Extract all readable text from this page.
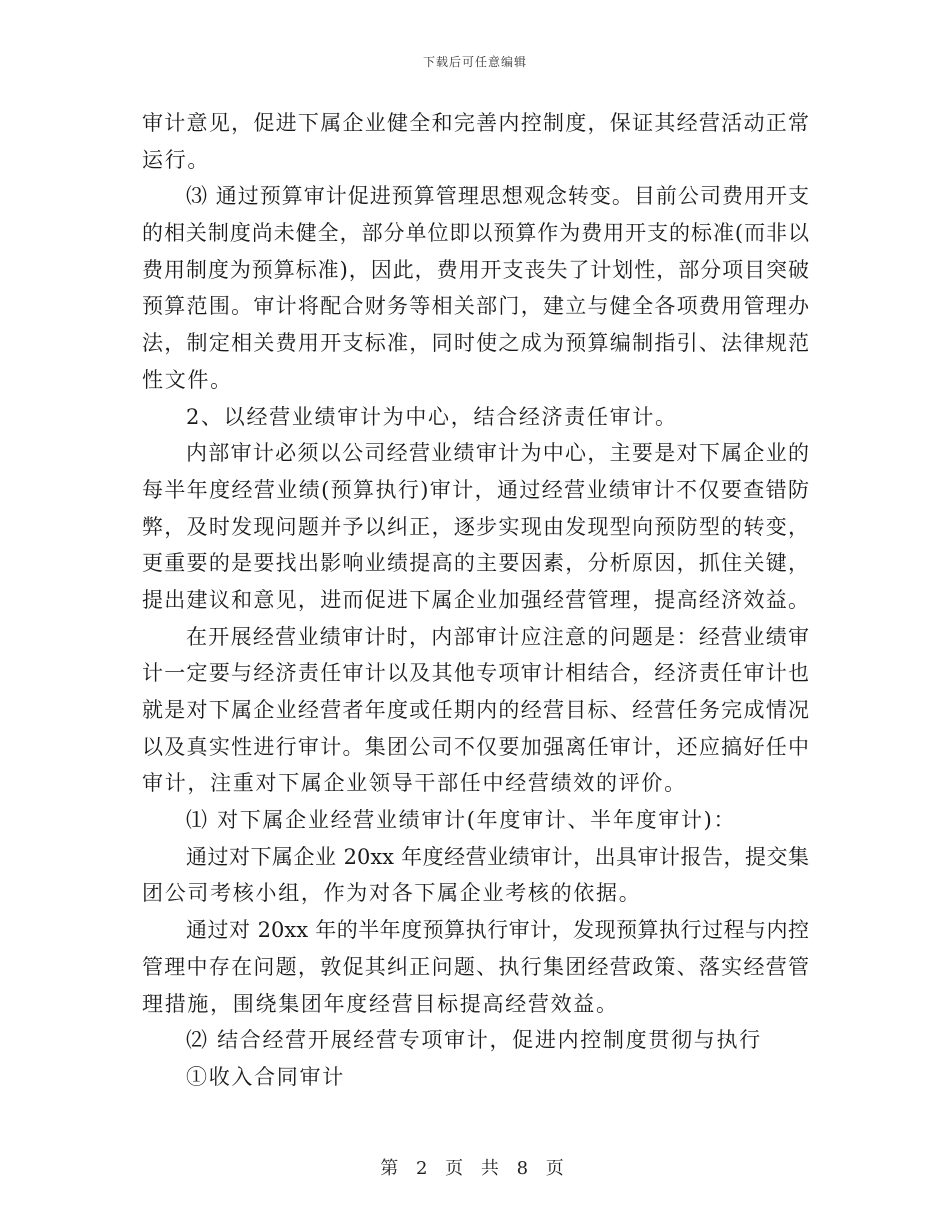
下载后可任意编辑
审计意见，促进下属企业健全和完善内控制度，保证其经营活动正常
运行。
⑶ 通过预算审计促进预算管理思想观念转变。目前公司费用开支
的相关制度尚未健全，部分单位即以预算作为费用开支的标准(而非以
费用制度为预算标准)，因此，费用开支丧失了计划性，部分项目突破
预算范围。审计将配合财务等相关部门，建立与健全各项费用管理办
法，制定相关费用开支标准，同时使之成为预算编制指引、法律规范
性文件。
2、以经营业绩审计为中心，结合经济责任审计。
内部审计必须以公司经营业绩审计为中心，主要是对下属企业的
每半年度经营业绩(预算执行)审计，通过经营业绩审计不仅要查错防
弊，及时发现问题并予以纠正，逐步实现由发现型向预防型的转变，
更重要的是要找出影响业绩提高的主要因素，分析原因，抓住关键，
提出建议和意见，进而促进下属企业加强经营管理，提高经济效益。
在开展经营业绩审计时，内部审计应注意的问题是：经营业绩审
计一定要与经济责任审计以及其他专项审计相结合，经济责任审计也
就是对下属企业经营者年度或任期内的经营目标、经营任务完成情况
以及真实性进行审计。集团公司不仅要加强离任审计，还应搞好任中
审计，注重对下属企业领导干部任中经营绩效的评价。
⑴ 对下属企业经营业绩审计(年度审计、半年度审计)：
通过对下属企业 20xx 年度经营业绩审计，出具审计报告，提交集
团公司考核小组，作为对各下属企业考核的依据。
通过对 20xx 年的半年度预算执行审计，发现预算执行过程与内控
管理中存在问题，敦促其纠正问题、执行集团经营政策、落实经营管
理措施，围绕集团年度经营目标提高经营效益。
⑵ 结合经营开展经营专项审计，促进内控制度贯彻与执行
①收入合同审计
第 2 页 共 8 页
